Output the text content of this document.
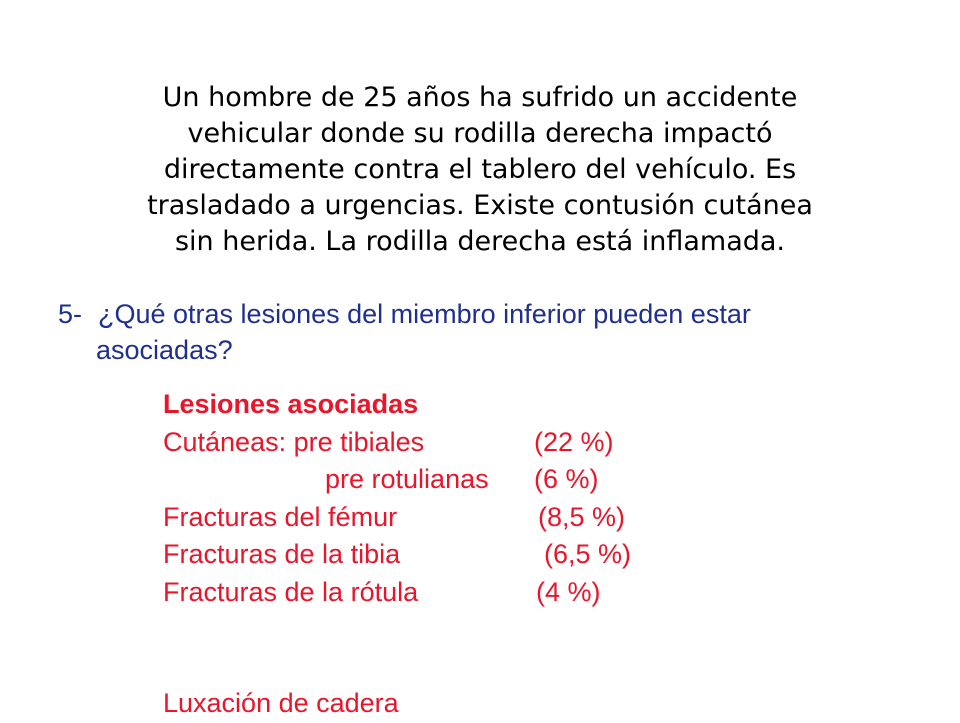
Un hombre de 25 años ha sufrido un accidente
vehicular donde su rodilla derecha impactó
directamente contra el tablero del vehículo. Es
trasladado a urgencias. Existe contusión cutánea
sin herida. La rodilla derecha está inflamada.
5- ¿Qué otras lesiones del miembro inferior pueden estar
asociadas?
Lesiones asociadas
Cutáneas: pre tibiales	(22 %)
pre rotulianas (6 %)
Fracturas del fémur	(8,5 %)
Fracturas de la tibia	(6,5 %)
Fracturas de la rótula	(4 %)
Luxación de cadera
